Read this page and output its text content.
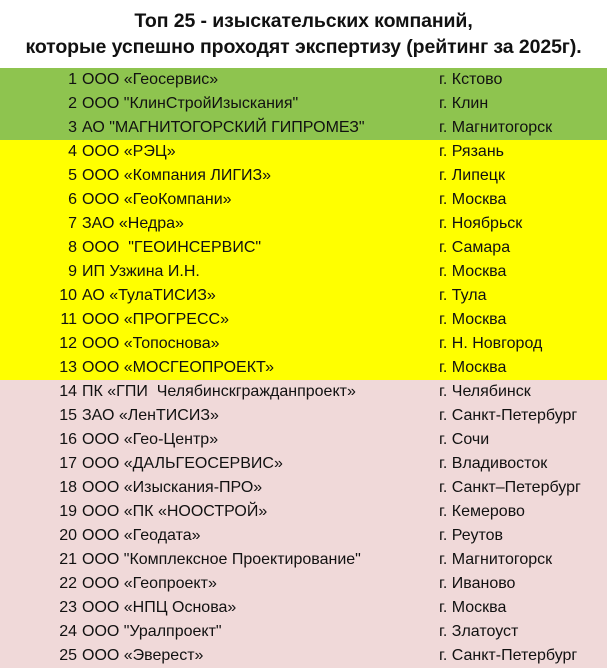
Топ 25 - изыскательских компаний,
которые успешно проходят экспертизу (рейтинг за 2025г).
1 ООО «Геосервис»	г. Кстово
2 ООО "КлинСтройИзыскания"	г. Клин
3 АО "МАГНИТОГОРСКИЙ ГИПРОМЕЗ"	г. Магнитогорск
4 ООО «РЭЦ»	г. Рязань
5 ООО «Компания ЛИГИЗ»	г. Липецк
6 ООО «ГеоКомпани»	г. Москва
7 ЗАО «Недра»	г. Ноябрьск
8 ООО  "ГЕОИНСЕРВИС"	г. Самара
9 ИП Узжина И.Н.	г. Москва
10 АО «ТулаТИСИЗ»	г. Тула
11 ООО «ПРОГРЕСС»	г. Москва
12 ООО «Топоснова»	г. Н. Новгород
13 ООО «МОСГЕОПРОЕКТ»	г. Москва
14 ПК «ГПИ  Челябинскгражданпроект»	г. Челябинск
15 ЗАО «ЛенТИСИЗ»	г. Санкт-Петербург
16 ООО «Гео-Центр»	г. Сочи
17 ООО «ДАЛЬГЕОСЕРВИС»	г. Владивосток
18 ООО «Изыскания-ПРО»	г. Санкт–Петербург
19 ООО «ПК «НООСТРОЙ»	г. Кемерово
20 ООО «Геодата»	г. Реутов
21 ООО "Комплексное Проектирование"	г. Магнитогорск
22 ООО «Геопроект»	г. Иваново
23 ООО «НПЦ Основа»	г. Москва
24 ООО "Уралпроект"	г. Златоуст
25 ООО «Эверест»	г. Санкт-Петербург
